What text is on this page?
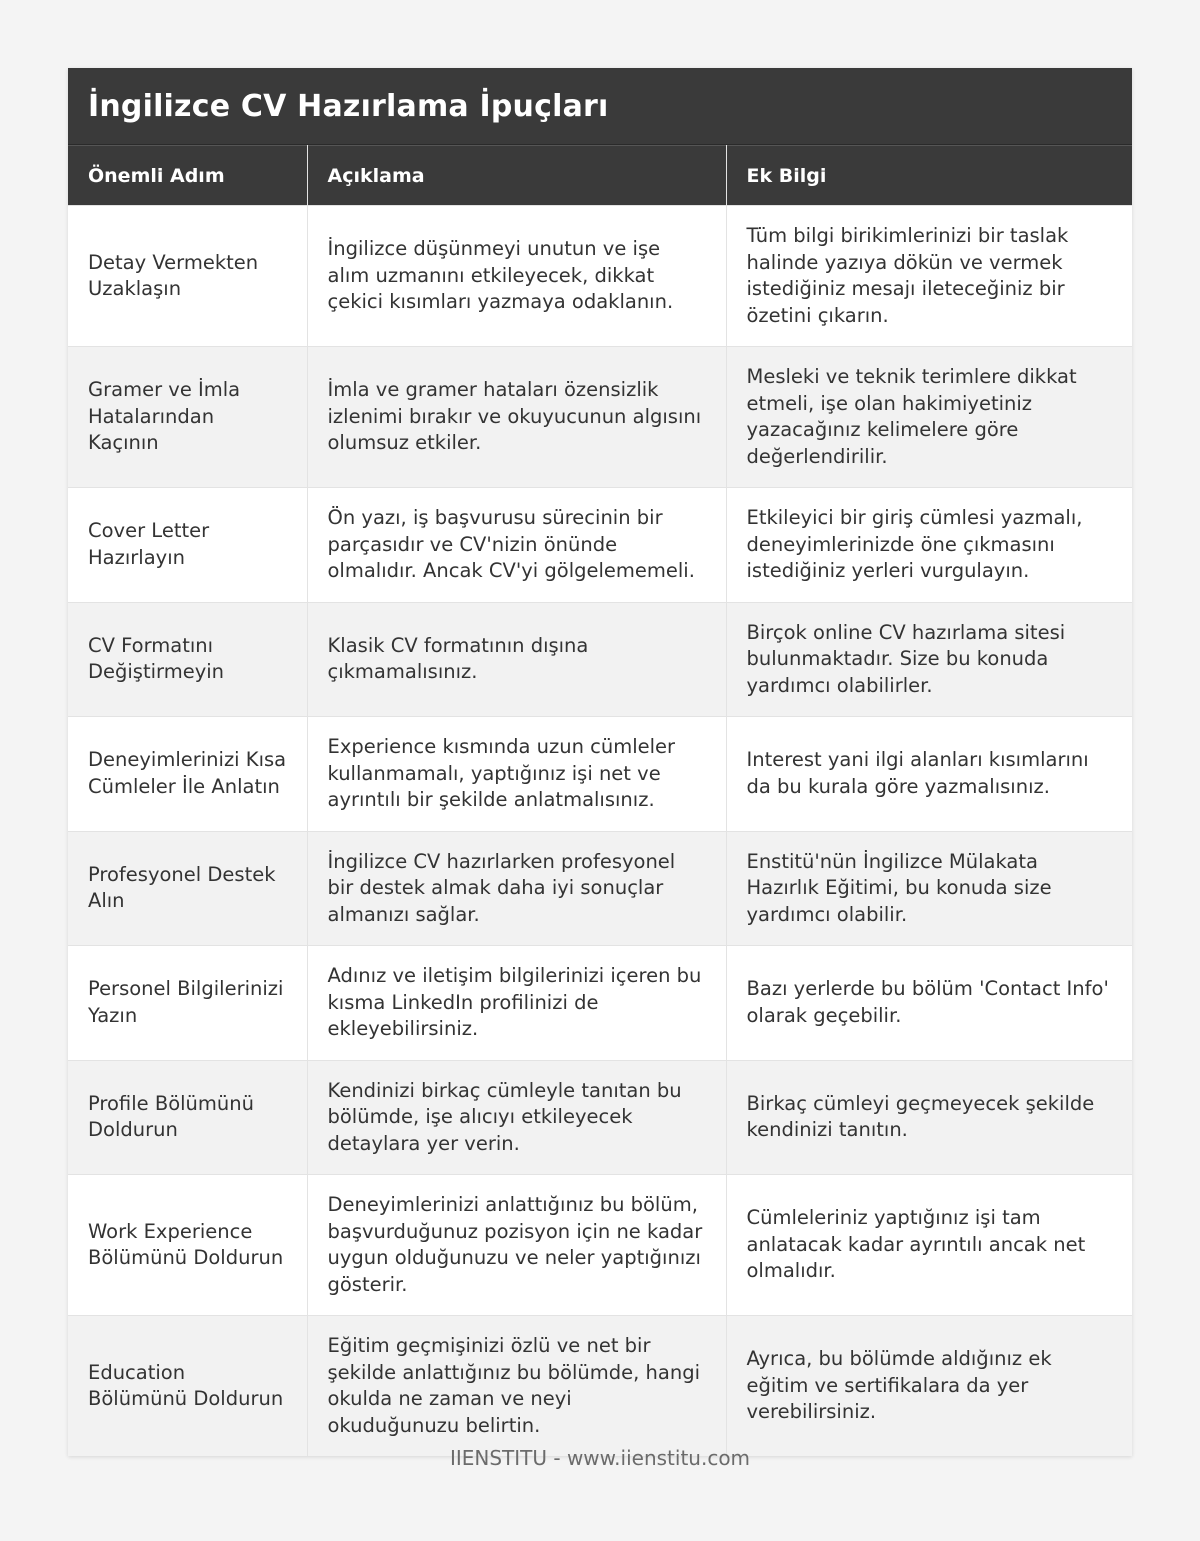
İngilizce CV Hazırlama İpuçları
Önemli Adım	Açıklama	Ek Bilgi
Detay Vermekten Uzaklaşın	İngilizce düşünmeyi unutun ve işe alım uzmanını etkileyecek, dikkat çekici kısımları yazmaya odaklanın.	Tüm bilgi birikimlerinizi bir taslak halinde yazıya dökün ve vermek istediğiniz mesajı ileteceğiniz bir özetini çıkarın.
Gramer ve İmla Hatalarından Kaçının	İmla ve gramer hataları özensizlik izlenimi bırakır ve okuyucunun algısını olumsuz etkiler.	Mesleki ve teknik terimlere dikkat etmeli, işe olan hakimiyetiniz yazacağınız kelimelere göre değerlendirilir.
Cover Letter Hazırlayın	Ön yazı, iş başvurusu sürecinin bir parçasıdır ve CV'nizin önünde olmalıdır. Ancak CV'yi gölgelememeli.	Etkileyici bir giriş cümlesi yazmalı, deneyimlerinizde öne çıkmasını istediğiniz yerleri vurgulayın.
CV Formatını Değiştirmeyin	Klasik CV formatının dışına çıkmamalısınız.	Birçok online CV hazırlama sitesi bulunmaktadır. Size bu konuda yardımcı olabilirler.
Deneyimlerinizi Kısa Cümleler İle Anlatın	Experience kısmında uzun cümleler kullanmamalı, yaptığınız işi net ve ayrıntılı bir şekilde anlatmalısınız.	Interest yani ilgi alanları kısımlarını da bu kurala göre yazmalısınız.
Profesyonel Destek Alın	İngilizce CV hazırlarken profesyonel bir destek almak daha iyi sonuçlar almanızı sağlar.	Enstitü'nün İngilizce Mülakata Hazırlık Eğitimi, bu konuda size yardımcı olabilir.
Personel Bilgilerinizi Yazın	Adınız ve iletişim bilgilerinizi içeren bu kısma LinkedIn profilinizi de ekleyebilirsiniz.	Bazı yerlerde bu bölüm 'Contact Info' olarak geçebilir.
Profile Bölümünü Doldurun	Kendinizi birkaç cümleyle tanıtan bu bölümde, işe alıcıyı etkileyecek detaylara yer verin.	Birkaç cümleyi geçmeyecek şekilde kendinizi tanıtın.
Work Experience Bölümünü Doldurun	Deneyimlerinizi anlattığınız bu bölüm, başvurduğunuz pozisyon için ne kadar uygun olduğunuzu ve neler yaptığınızı gösterir.	Cümleleriniz yaptığınız işi tam anlatacak kadar ayrıntılı ancak net olmalıdır.
Education Bölümünü Doldurun	Eğitim geçmişinizi özlü ve net bir şekilde anlattığınız bu bölümde, hangi okulda ne zaman ve neyi okuduğunuzu belirtin.	Ayrıca, bu bölümde aldığınız ek eğitim ve sertifikalara da yer verebilirsiniz.
IIENSTITU - www.iienstitu.com
